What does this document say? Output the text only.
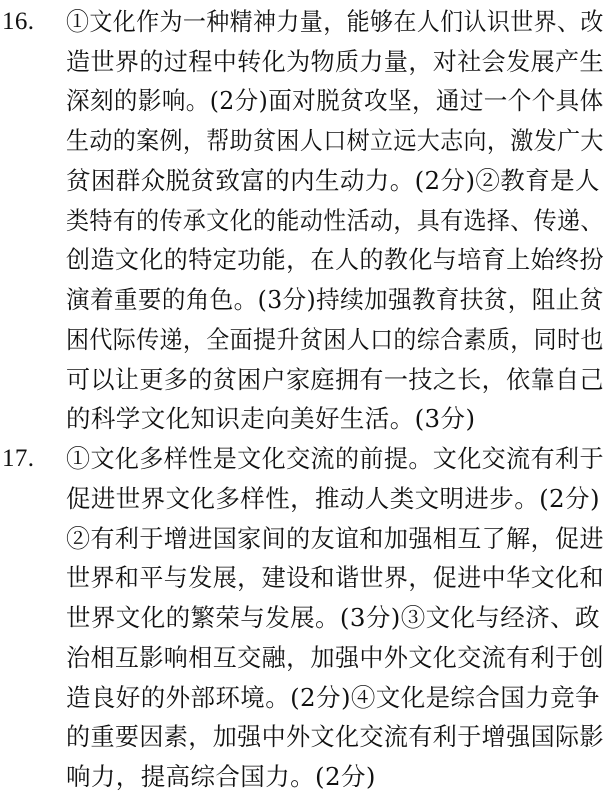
16.	①文化作为一种精神力量，能够在人们认识世界、改
造世界的过程中转化为物质力量，对社会发展产生
深刻的影响。(2分)面对脱贫攻坚，通过一个个具体
生动的案例，帮助贫困人口树立远大志向，激发广大
贫困群众脱贫致富的内生动力。(2分)②教育是人
类特有的传承文化的能动性活动，具有选择、传递、
创造文化的特定功能，在人的教化与培育上始终扮
演着重要的角色。(3分)持续加强教育扶贫，阻止贫
困代际传递，全面提升贫困人口的综合素质，同时也
可以让更多的贫困户家庭拥有一技之长，依靠自己
的科学文化知识走向美好生活。(3分)
17.	①文化多样性是文化交流的前提。文化交流有利于
促进世界文化多样性，推动人类文明进步。(2分)
②有利于增进国家间的友谊和加强相互了解，促进
世界和平与发展，建设和谐世界，促进中华文化和
世界文化的繁荣与发展。(3分)③文化与经济、政
治相互影响相互交融，加强中外文化交流有利于创
造良好的外部环境。(2分)④文化是综合国力竞争
的重要因素，加强中外文化交流有利于增强国际影
响力，提高综合国力。(2分)
